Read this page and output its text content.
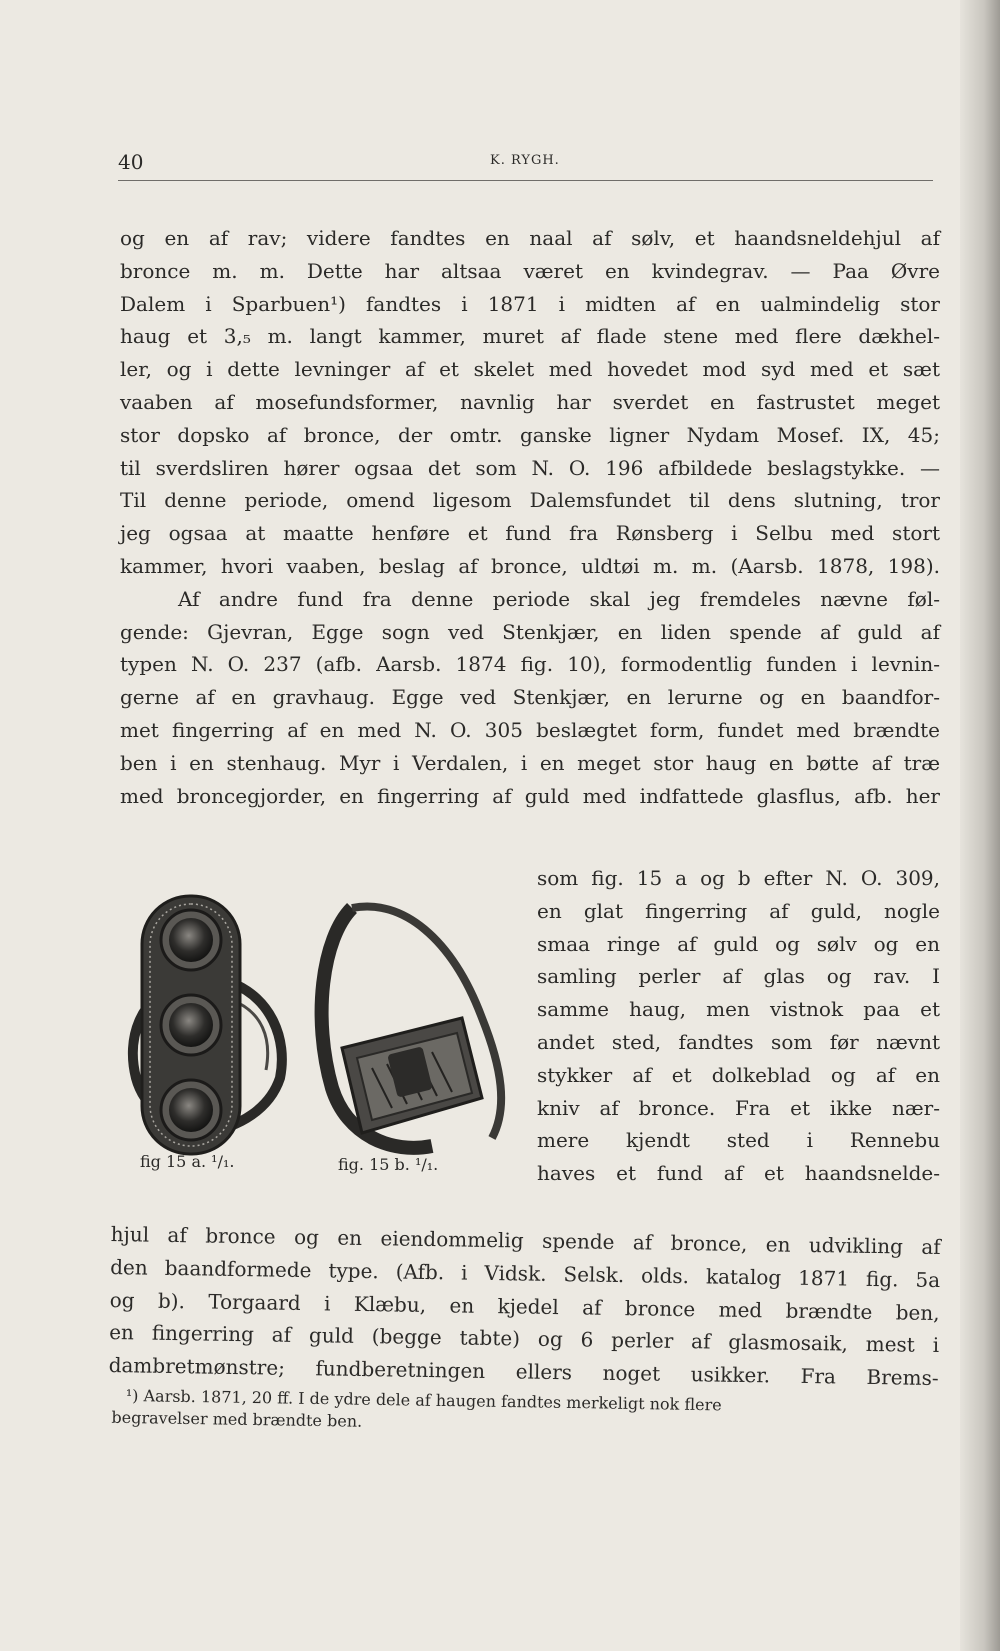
40	K. RYGH.
og en af rav; videre fandtes en naal af sølv, et haandsneldehjul af
bronce m. m. Dette har altsaa været en kvindegrav. — Paa Øvre
Dalem i Sparbuen¹) fandtes i 1871 i midten af en ualmindelig stor
haug et 3,₅ m. langt kammer, muret af flade stene med flere dækhel-
ler, og i dette levninger af et skelet med hovedet mod syd med et sæt
vaaben af mosefundsformer, navnlig har sverdet en fastrustet meget
stor dopsko af bronce, der omtr. ganske ligner Nydam Mosef. IX, 45;
til sverdsliren hører ogsaa det som N. O. 196 afbildede beslagstykke. —
Til denne periode, omend ligesom Dalemsfundet til dens slutning, tror
jeg ogsaa at maatte henføre et fund fra Rønsberg i Selbu med stort
kammer, hvori vaaben, beslag af bronce, uldtøi m. m. (Aarsb. 1878, 198).
Af andre fund fra denne periode skal jeg fremdeles nævne føl-
gende: Gjevran, Egge sogn ved Stenkjær, en liden spende af guld af
typen N. O. 237 (afb. Aarsb. 1874 fig. 10), formodentlig funden i levnin-
gerne af en gravhaug. Egge ved Stenkjær, en lerurne og en baandfor-
met fingerring af en med N. O. 305 beslægtet form, fundet med brændte
ben i en stenhaug. Myr i Verdalen, i en meget stor haug en bøtte af træ
med broncegjorder, en fingerring af guld med indfattede glasflus, afb. her
fig 15 a. ¹/₁.	fig. 15 b. ¹/₁.
som fig. 15 a og b efter N. O. 309,
en glat fingerring af guld, nogle
smaa ringe af guld og sølv og en
samling perler af glas og rav. I
samme haug, men vistnok paa et
andet sted, fandtes som før nævnt
stykker af et dolkeblad og af en
kniv af bronce. Fra et ikke nær-
mere kjendt sted i Rennebu
haves et fund af et haandsnelde-
hjul af bronce og en eiendommelig spende af bronce, en udvikling af
den baandformede type. (Afb. i Vidsk. Selsk. olds. katalog 1871 fig. 5a
og b). Torgaard i Klæbu, en kjedel af bronce med brændte ben,
en fingerring af guld (begge tabte) og 6 perler af glasmosaik, mest i
dambretmønstre; fundberetningen ellers noget usikker. Fra Brems-
¹) Aarsb. 1871, 20 ff. I de ydre dele af haugen fandtes merkeligt nok flere
begravelser med brændte ben.
